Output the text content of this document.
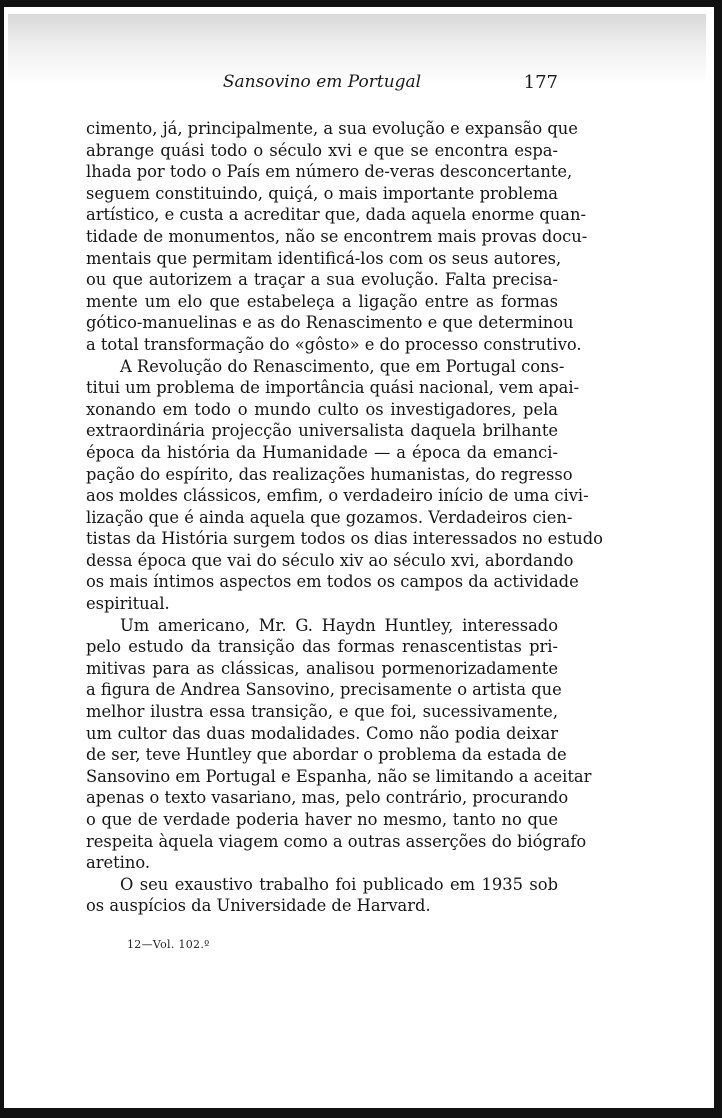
Sansovino em Portugal	177
cimento, já, principalmente, a sua evolução e expansão que
abrange quási todo o século xvi e que se encontra espa-
lhada por todo o País em número de-veras desconcertante,
seguem constituindo, quiçá, o mais importante problema
artístico, e custa a acreditar que, dada aquela enorme quan-
tidade de monumentos, não se encontrem mais provas docu-
mentais que permitam identificá-los com os seus autores,
ou que autorizem a traçar a sua evolução. Falta precisa-
mente um elo que estabeleça a ligação entre as formas
gótico-manuelinas e as do Renascimento e que determinou
a total transformação do «gôsto» e do processo construtivo.
A Revolução do Renascimento, que em Portugal cons-
titui um problema de importância quási nacional, vem apai-
xonando em todo o mundo culto os investigadores, pela
extraordinária projecção universalista daquela brilhante
época da história da Humanidade — a época da emanci-
pação do espírito, das realizações humanistas, do regresso
aos moldes clássicos, emfim, o verdadeiro início de uma civi-
lização que é ainda aquela que gozamos. Verdadeiros cien-
tistas da História surgem todos os dias interessados no estudo
dessa época que vai do século xiv ao século xvi, abordando
os mais íntimos aspectos em todos os campos da actividade
espiritual.
Um americano, Mr. G. Haydn Huntley, interessado
pelo estudo da transição das formas renascentistas pri-
mitivas para as clássicas, analisou pormenorizadamente
a figura de Andrea Sansovino, precisamente o artista que
melhor ilustra essa transição, e que foi, sucessivamente,
um cultor das duas modalidades. Como não podia deixar
de ser, teve Huntley que abordar o problema da estada de
Sansovino em Portugal e Espanha, não se limitando a aceitar
apenas o texto vasariano, mas, pelo contrário, procurando
o que de verdade poderia haver no mesmo, tanto no que
respeita àquela viagem como a outras asserções do biógrafo
aretino.
O seu exaustivo trabalho foi publicado em 1935 sob
os auspícios da Universidade de Harvard.
12—Vol. 102.º
